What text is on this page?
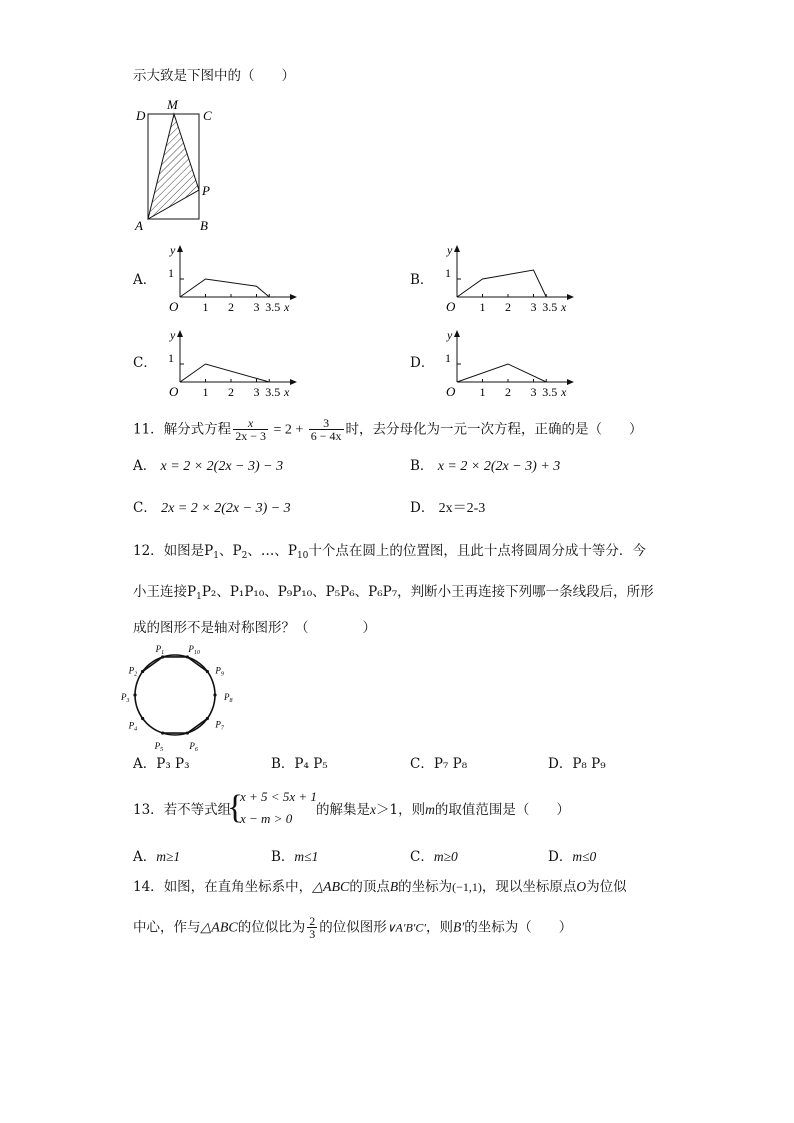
示大致是下图中的（　　）
D
M
C
P
A	B
A．	B．
C．	D．
y
1
O 1 2 3 3.5 x
y
1
O 1 2 3 3.5 x
y
1
O 1 2 3 3.5 x
y
1
O 1 2 3 3.5 x
11．解分式方程 $\frac{x}{2x - 3} = 2 + \frac{3}{6 - 4x}$ 时，去分母化为一元一次方程，正确的是（　　）
A． x = 2 × 2(2x − 3) − 3	B． x = 2 × 2(2x − 3) + 3
C． 2x = 2 × 2(2x − 3) − 3	D． 2x＝2-3
12．如图是$P_1$、$P_2$、…、$P_{10}$十个点在圆上的位置图，且此十点将圆周分成十等分．今
小王连接$P_1P_2$、P₁P₁₀、P₉P₁₀、P₅P₆、P₆P₇，判断小王再连接下列哪一条线段后，所形
成的图形不是轴对称图形？（　　　　）
$P_1$
$P_2$
$P_3$
$P_4$
$P_5$	$P_6$
$P_7$
$P_8$
$P_9$
$P_{10}$
A．P₃ P₃	B．P₄ P₅	C．P₇ P₈	D．P₈ P₉
13．若不等式组
{
x + 5 < 5x + 1
x − m > 0
的解集是x＞1，则m的取值范围是（　　）
A．m≥1	B．m≤1	C．m≥0	D．m≤0
14．如图，在直角坐标系中，△ABC的顶点B的坐标为(−1,1)，现以坐标原点O为位似
中心，作与△ABC的位似比为 $\frac{2}{3}$ 的位似图形∨A′B′C′，则B′的坐标为（　　）
